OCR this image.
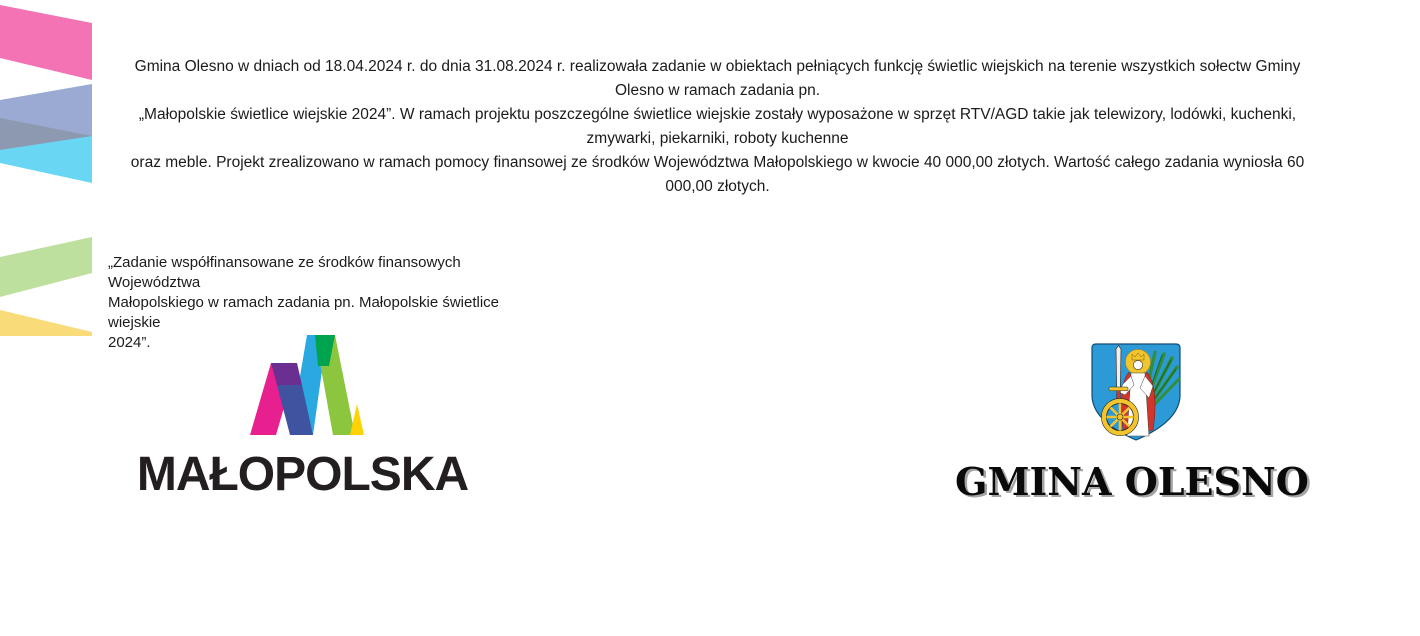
Gmina Olesno w dniach od 18.04.2024 r. do dnia 31.08.2024 r. realizowała zadanie w obiektach pełniących funkcję świetlic wiejskich na terenie wszystkich sołectw Gminy Olesno w ramach zadania pn.
„Małopolskie świetlice wiejskie 2024”. W ramach projektu poszczególne świetlice wiejskie zostały wyposażone w sprzęt RTV/AGD takie jak telewizory, lodówki, kuchenki, zmywarki, piekarniki, roboty kuchenne
oraz meble. Projekt zrealizowano w ramach pomocy finansowej ze środków Województwa Małopolskiego w kwocie 40 000,00 złotych. Wartość całego zadania wyniosła 60 000,00 złotych.
„Zadanie współfinansowane ze środków finansowych Województwa
Małopolskiego w ramach zadania pn. Małopolskie świetlice wiejskie
2024”.
MAŁOPOLSKA	GMINA OLESNO
